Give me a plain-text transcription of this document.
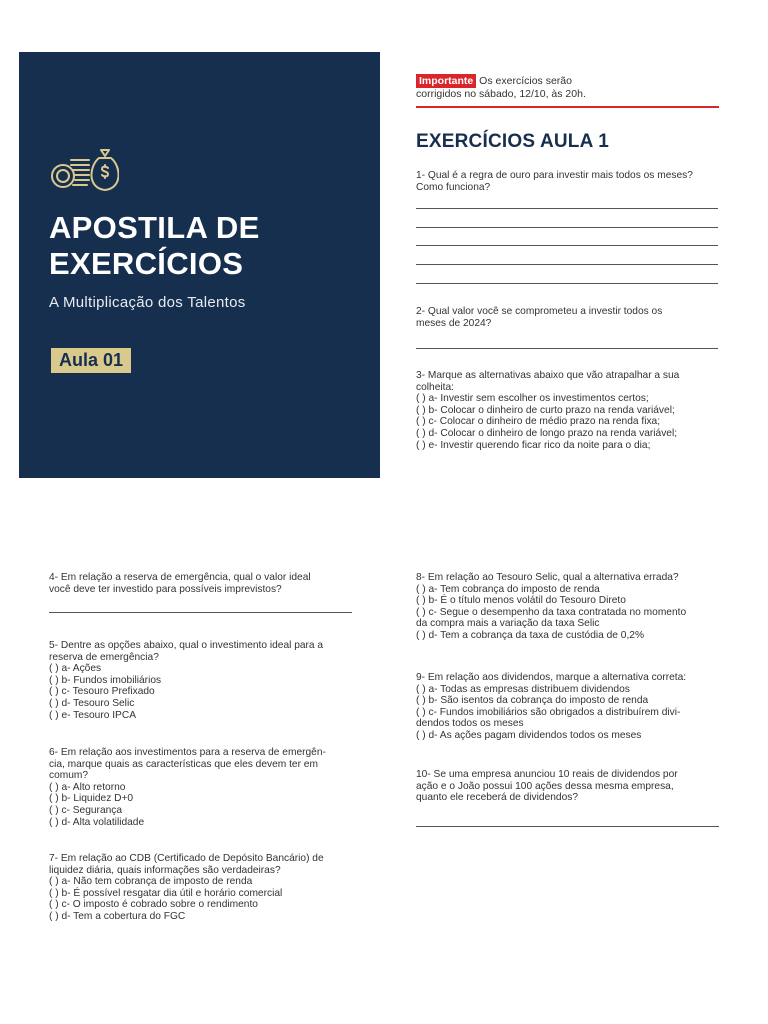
APOSTILA DE
EXERCÍCIOS
A Multiplicação dos Talentos
Aula 01
Importante Os exercícios serão
corrigidos no sábado, 12/10, às 20h.
EXERCÍCIOS AULA 1

1- Qual é a regra de ouro para investir mais todos os meses?

Como funciona?

2- Qual valor você se comprometeu a investir todos os

meses de 2024?

3- Marque as alternativas abaixo que vão atrapalhar a sua

colheita:

( ) a- Investir sem escolher os investimentos certos;

( ) b- Colocar o dinheiro de curto prazo na renda variável;

( ) c- Colocar o dinheiro de médio prazo na renda fixa;

( ) d- Colocar o dinheiro de longo prazo na renda variável;

( ) e- Investir querendo ficar rico da noite para o dia;

4- Em relação a reserva de emergência, qual o valor ideal

você deve ter investido para possíveis imprevistos?

5- Dentre as opções abaixo, qual o investimento ideal para a

reserva de emergência?

( ) a- Ações

( ) b- Fundos imobiliários

( ) c- Tesouro Prefixado

( ) d- Tesouro Selic

( ) e- Tesouro IPCA

6- Em relação aos investimentos para a reserva de emergên-

cia, marque quais as características que eles devem ter em

comum?

( ) a- Alto retorno

( ) b- Liquidez D+0

( ) c- Segurança

( ) d- Alta volatilidade

7- Em relação ao CDB (Certificado de Depósito Bancário) de

liquidez diária, quais informações são verdadeiras?

( ) a- Não tem cobrança de imposto de renda

( ) b- É possível resgatar dia útil e horário comercial

( ) c- O imposto é cobrado sobre o rendimento

( ) d- Tem a cobertura do FGC

8- Em relação ao Tesouro Selic, qual a alternativa errada?

( ) a- Tem cobrança do imposto de renda

( ) b- É o título menos volátil do Tesouro Direto

( ) c- Segue o desempenho da taxa contratada no momento

da compra mais a variação da taxa Selic

( ) d- Tem a cobrança da taxa de custódia de 0,2%

9- Em relação aos dividendos, marque a alternativa correta:

( ) a- Todas as empresas distribuem dividendos

( ) b- São isentos da cobrança do imposto de renda

( ) c- Fundos imobiliários são obrigados a distribuírem divi-

dendos todos os meses

( ) d- As ações pagam dividendos todos os meses

10- Se uma empresa anunciou 10 reais de dividendos por

ação e o João possui 100 ações dessa mesma empresa,

quanto ele receberá de dividendos?
